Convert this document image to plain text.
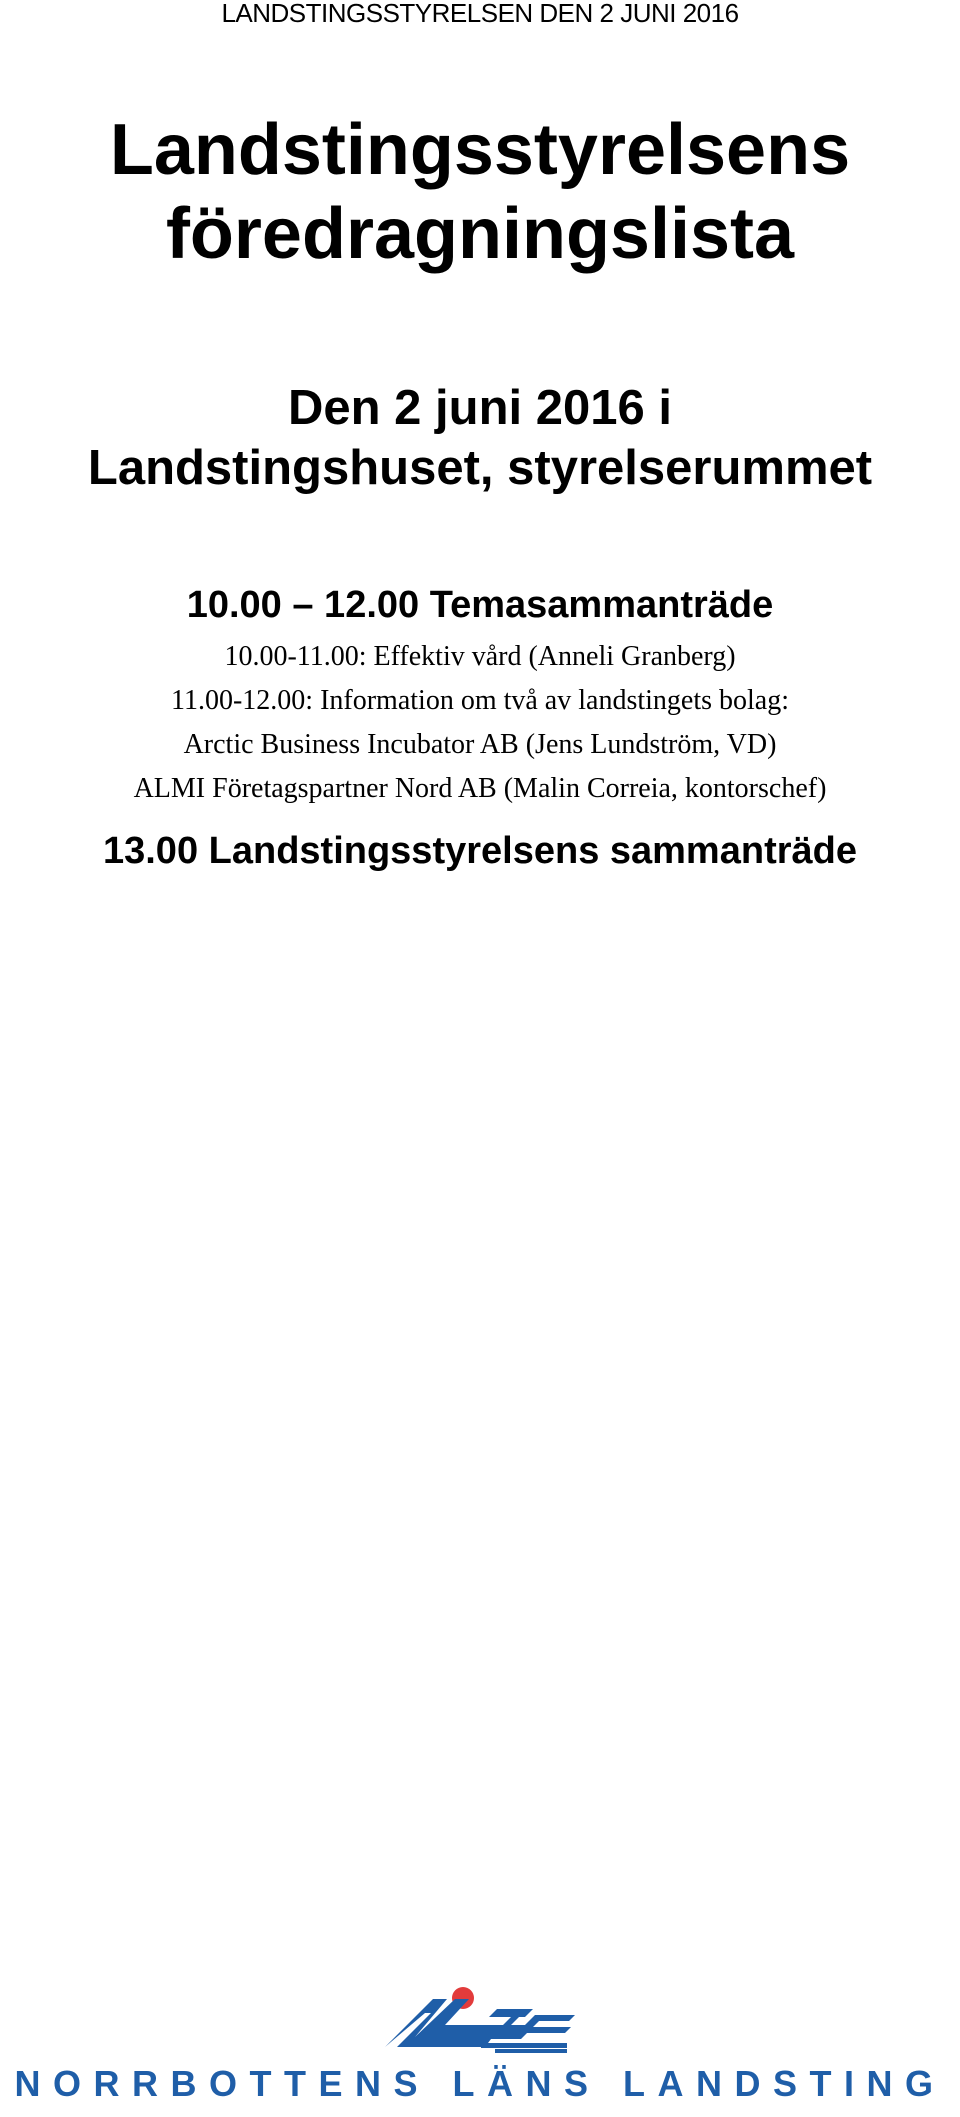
LANDSTINGSSTYRELSEN DEN 2 JUNI 2016
Landstingsstyrelsens
föredragningslista
Den 2 juni 2016 i
Landstingshuset, styrelserummet
10.00 – 12.00 Temasammanträde
10.00-11.00: Effektiv vård (Anneli Granberg)
11.00-12.00: Information om två av landstingets bolag:
Arctic Business Incubator AB (Jens Lundström, VD)
ALMI Företagspartner Nord AB (Malin Correia, kontorschef)
13.00 Landstingsstyrelsens sammanträde
NORRBOTTENS LÄNS LANDSTING
